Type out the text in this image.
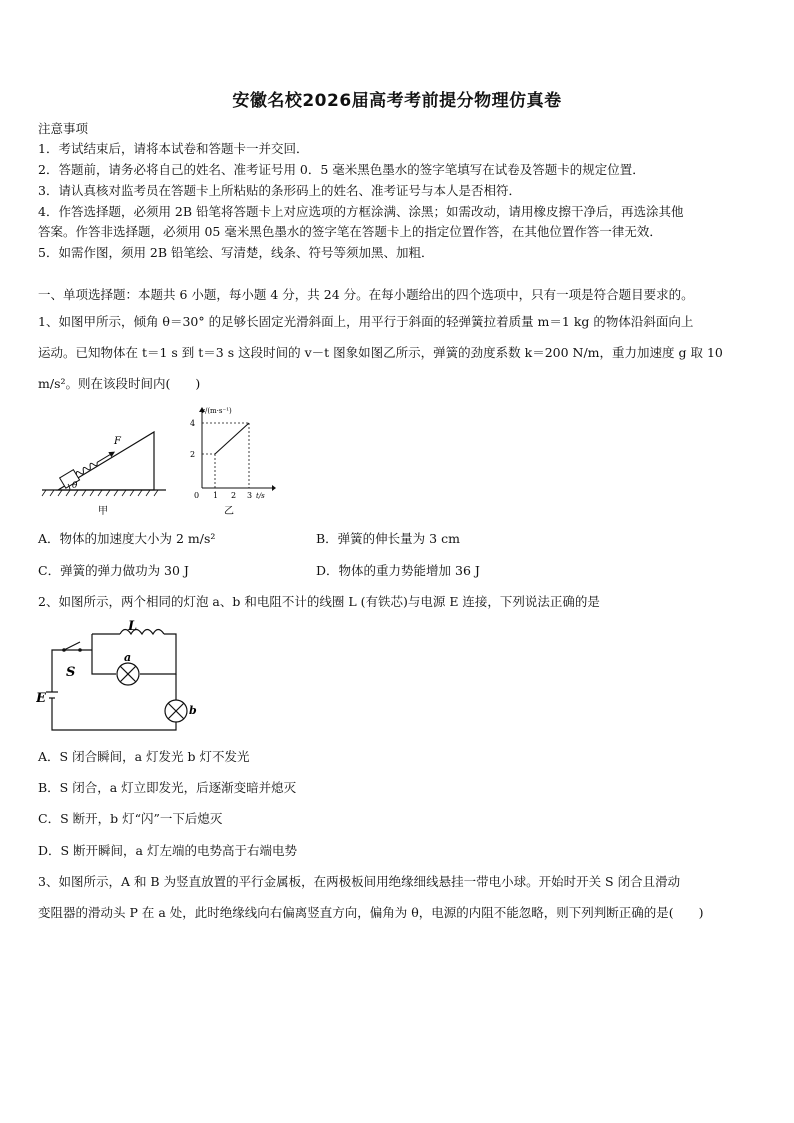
安徽名校2026届高考考前提分物理仿真卷
注意事项
1．考试结束后，请将本试卷和答题卡一并交回．
2．答题前，请务必将自己的姓名、准考证号用 0．5 毫米黑色墨水的签字笔填写在试卷及答题卡的规定位置．
3．请认真核对监考员在答题卡上所粘贴的条形码上的姓名、准考证号与本人是否相符．
4．作答选择题，必须用 2B 铅笔将答题卡上对应选项的方框涂满、涂黑；如需改动，请用橡皮擦干净后，再选涂其他
答案。作答非选择题，必须用 05 毫米黑色墨水的签字笔在答题卡上的指定位置作答，在其他位置作答一律无效．
5．如需作图，须用 2B 铅笔绘、写清楚，线条、符号等须加黑、加粗．
一、单项选择题：本题共 6 小题，每小题 4 分，共 24 分。在每小题给出的四个选项中，只有一项是符合题目要求的。
1、如图甲所示，倾角 θ＝30° 的足够长固定光滑斜面上，用平行于斜面的轻弹簧拉着质量 m＝1 kg 的物体沿斜面向上
运动。已知物体在 t＝1 s 到 t＝3 s 这段时间的 v－t 图象如图乙所示，弹簧的劲度系数 k＝200 N/m，重力加速度 g 取 10
m/s²。则在该段时间内(　　)
F
θ
甲
v/(m·s⁻¹)
4
2
0 1 2 3 t/s
乙
A．物体的加速度大小为 2 m/s²	B．弹簧的伸长量为 3 cm
C．弹簧的弹力做功为 30 J	D．物体的重力势能增加 36 J
2、如图所示，两个相同的灯泡 a、b 和电阻不计的线圈 L (有铁芯)与电源 E 连接，下列说法正确的是
L
S
E
a
b
A．S 闭合瞬间，a 灯发光 b 灯不发光
B．S 闭合，a 灯立即发光，后逐渐变暗并熄灭
C．S 断开，b 灯“闪”一下后熄灭
D．S 断开瞬间，a 灯左端的电势高于右端电势
3、如图所示，A 和 B 为竖直放置的平行金属板，在两极板间用绝缘细线悬挂一带电小球。开始时开关 S 闭合且滑动
变阻器的滑动头 P 在 a 处，此时绝缘线向右偏离竖直方向，偏角为 θ，电源的内阻不能忽略，则下列判断正确的是(　　)
